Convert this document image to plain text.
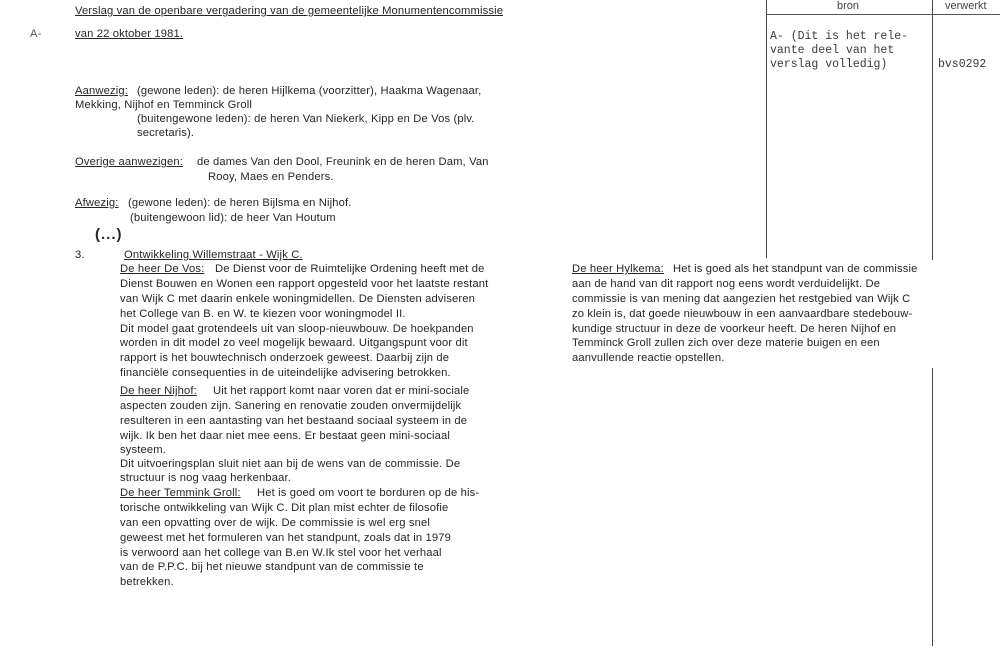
A-
Verslag van de openbare vergadering van de gemeentelijke Monumentencommissie
van 22 oktober 1981.
Aanwezig: (gewone leden): de heren Hijlkema (voorzitter), Haakma Wagenaar,
Mekking, Nijhof en Temminck Groll
(buitengewone leden): de heren Van Niekerk, Kipp en De Vos (plv.
secretaris).
Overige aanwezigen: de dames Van den Dool, Freunink en de heren Dam, Van
Rooy, Maes en Penders.
Afwezig: (gewone leden): de heren Bijlsma en Nijhof.
(buitengewoon lid): de heer Van Houtum
(...)
3.	Ontwikkeling Willemstraat - Wijk C.
De heer De Vos: De Dienst voor de Ruimtelijke Ordening heeft met de
Dienst Bouwen en Wonen een rapport opgesteld voor het laatste restant
van Wijk C met daarin enkele woningmidellen. De Diensten adviseren
het College van B. en W. te kiezen voor woningmodel II.
Dit model gaat grotendeels uit van sloop-nieuwbouw. De hoekpanden
worden in dit model zo veel mogelijk bewaard. Uitgangspunt voor dit
rapport is het bouwtechnisch onderzoek geweest. Daarbij zijn de
financiële consequenties in de uiteindelijke advisering betrokken.
De heer Nijhof: Uit het rapport komt naar voren dat er mini-sociale
aspecten zouden zijn. Sanering en renovatie zouden onvermijdelijk
resulteren in een aantasting van het bestaand sociaal systeem in de
wijk. Ik ben het daar niet mee eens. Er bestaat geen mini-sociaal
systeem.
Dit uitvoeringsplan sluit niet aan bij de wens van de commissie. De
structuur is nog vaag herkenbaar.
De heer Temmink Groll: Het is goed om voort te borduren op de his-
torische ontwikkeling van Wijk C. Dit plan mist echter de filosofie
van een opvatting over de wijk. De commissie is wel erg snel
geweest met het formuleren van het standpunt, zoals dat in 1979
is verwoord aan het college van B.en W.Ik stel voor het verhaal
van de P.P.C. bij het nieuwe standpunt van de commissie te
betrekken.
De heer Hylkema: Het is goed als het standpunt van de commissie
aan de hand van dit rapport nog eens wordt verduidelijkt. De
commissie is van mening dat aangezien het restgebied van Wijk C
zo klein is, dat goede nieuwbouw in een aanvaardbare stedebouw-
kundige structuur in deze de voorkeur heeft. De heren Nijhof en
Temminck Groll zullen zich over deze materie buigen en een
aanvullende reactie opstellen.
bron	verwerkt
A- (Dit is het rele-
vante deel van het
verslag volledig)	bvs0292
